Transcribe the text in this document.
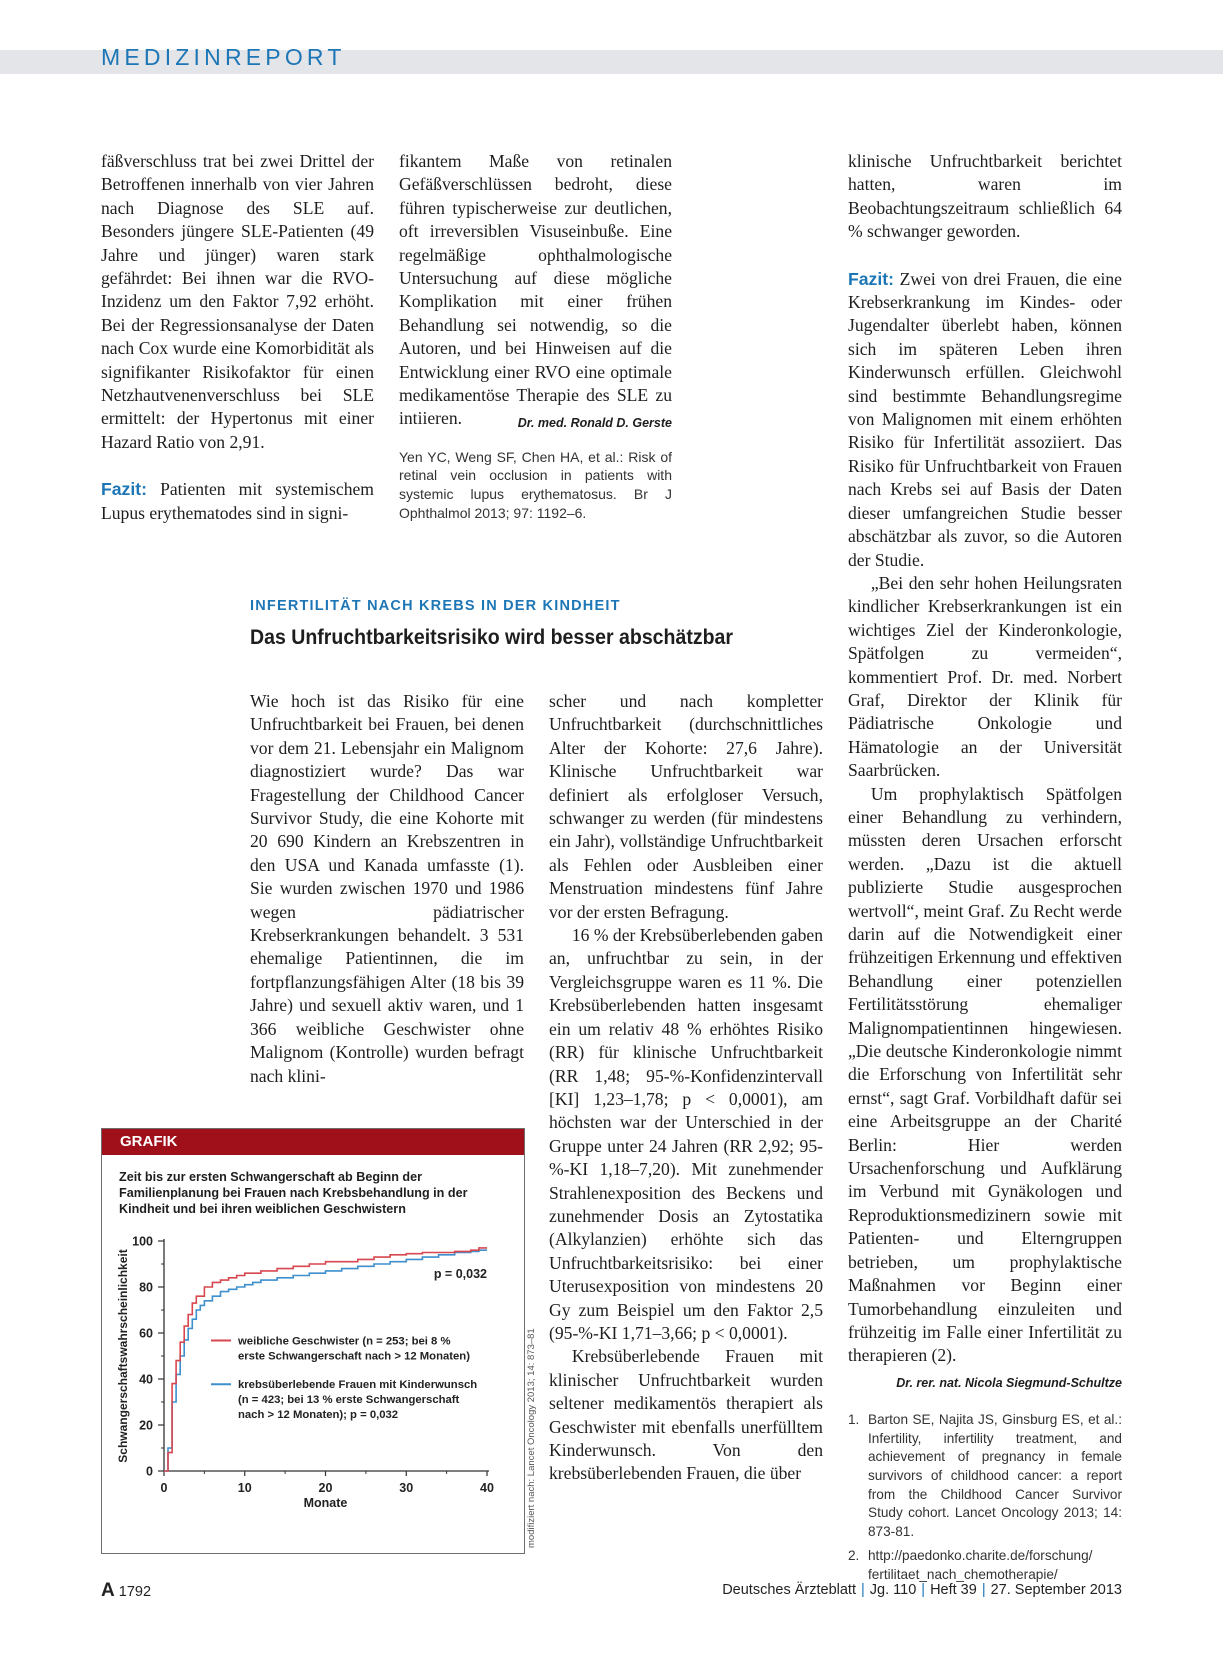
MEDIZINREPORT

fäßverschluss trat bei zwei Drittel der Betroffenen innerhalb von vier Jahren nach Diagnose des SLE auf. Besonders jüngere SLE-Patienten (49 Jahre und jünger) waren stark gefährdet: Bei ihnen war die RVO-Inzidenz um den Faktor 7,92 erhöht. Bei der Regressionsanalyse der Daten nach Cox wurde eine Komorbidität als signifikanter Risikofaktor für einen Netzhautvenenverschluss bei SLE ermittelt: der Hypertonus mit einer Hazard Ratio von 2,91.

Fazit: Patienten mit systemischem Lupus erythematodes sind in signi-

fikantem Maße von retinalen Gefäßverschlüssen bedroht, diese führen typischerweise zur deutlichen, oft irreversiblen Visuseinbuße. Eine regelmäßige ophthalmologische Untersuchung auf diese mögliche Komplikation mit einer frühen Behandlung sei notwendig, so die Autoren, und bei Hinweisen auf die Entwicklung einer RVO eine optimale medikamentöse Therapie des SLE zu intiieren.	Dr. med. Ronald D. Gerste

Yen YC, Weng SF, Chen HA, et al.: Risk of retinal vein occlusion in patients with systemic lupus erythematosus. Br J Ophthalmol 2013; 97: 1192–6.
INFERTILITÄT NACH KREBS IN DER KINDHEIT
Das Unfruchtbarkeitsrisiko wird besser abschätzbar

Wie hoch ist das Risiko für eine Unfruchtbarkeit bei Frauen, bei denen vor dem 21. Lebensjahr ein Malignom diagnostiziert wurde? Das war Fragestellung der Childhood Cancer Survivor Study, die eine Kohorte mit 20 690 Kindern an Krebszentren in den USA und Kanada umfasste (1). Sie wurden zwischen 1970 und 1986 wegen pädiatrischer Krebserkrankungen behandelt. 3 531 ehemalige Patientinnen, die im fortpflanzungsfähigen Alter (18 bis 39 Jahre) und sexuell aktiv waren, und 1 366 weibliche Geschwister ohne Malignom (Kontrolle) wurden befragt nach klini-

scher und nach kompletter Unfruchtbarkeit (durchschnittliches Alter der Kohorte: 27,6 Jahre). Klinische Unfruchtbarkeit war definiert als erfolgloser Versuch, schwanger zu werden (für mindestens ein Jahr), vollständige Unfruchtbarkeit als Fehlen oder Ausbleiben einer Menstruation mindestens fünf Jahre vor der ersten Befragung.

16 % der Krebsüberlebenden gaben an, unfruchtbar zu sein, in der Vergleichsgruppe waren es 11 %. Die Krebsüberlebenden hatten insgesamt ein um relativ 48 % erhöhtes Risiko (RR) für klinische Unfruchtbarkeit (RR 1,48; 95-%-Konfidenzintervall [KI] 1,23–1,78; p < 0,0001), am höchsten war der Unterschied in der Gruppe unter 24 Jahren (RR 2,92; 95-%-KI 1,18–7,20). Mit zunehmender Strahlenexposition des Beckens und zunehmender Dosis an Zytostatika (Alkylanzien) erhöhte sich das Unfruchtbarkeitsrisiko: bei einer Uterusexposition von mindestens 20 Gy zum Beispiel um den Faktor 2,5 (95-%-KI 1,71–3,66; p < 0,0001).

Krebsüberlebende Frauen mit klinischer Unfruchtbarkeit wurden seltener medikamentös therapiert als Geschwister mit ebenfalls unerfülltem Kinderwunsch. Von den krebsüberlebenden Frauen, die über

klinische Unfruchtbarkeit berichtet hatten, waren im Beobachtungszeitraum schließlich 64 % schwanger geworden.

Fazit: Zwei von drei Frauen, die eine Krebserkrankung im Kindes- oder Jugendalter überlebt haben, können sich im späteren Leben ihren Kinderwunsch erfüllen. Gleichwohl sind bestimmte Behandlungsregime von Malignomen mit einem erhöhten Risiko für Infertilität assoziiert. Das Risiko für Unfruchtbarkeit von Frauen nach Krebs sei auf Basis der Daten dieser umfangreichen Studie besser abschätzbar als zuvor, so die Autoren der Studie.

„Bei den sehr hohen Heilungsraten kindlicher Krebserkrankungen ist ein wichtiges Ziel der Kinderonkologie, Spätfolgen zu vermeiden“, kommentiert Prof. Dr. med. Norbert Graf, Direktor der Klinik für Pädiatrische Onkologie und Hämatologie an der Universität Saarbrücken.

Um prophylaktisch Spätfolgen einer Behandlung zu verhindern, müssten deren Ursachen erforscht werden. „Dazu ist die aktuell publizierte Studie ausgesprochen wertvoll“, meint Graf. Zu Recht werde darin auf die Notwendigkeit einer frühzeitigen Erkennung und effektiven Behandlung einer potenziellen Fertilitätsstörung ehemaliger Malignompatientinnen hingewiesen. „Die deutsche Kinderonkologie nimmt die Erforschung von Infertilität sehr ernst“, sagt Graf. Vorbildhaft dafür sei eine Arbeitsgruppe an der Charité Berlin: Hier werden Ursachenforschung und Aufklärung im Verbund mit Gynäkologen und Reproduktionsmedizinern sowie mit Patienten- und Elterngruppen betrieben, um prophylaktische Maßnahmen vor Beginn einer Tumorbehandlung einzuleiten und frühzeitig im Falle einer Infertilität zu therapieren (2).

Dr. rer. nat. Nicola Siegmund-Schultze
1. Barton SE, Najita JS, Ginsburg ES, et al.: Infertility, infertility treatment, and achievement of pregnancy in female survivors of childhood cancer: a report from the Childhood Cancer Survivor Study cohort. Lancet Oncology 2013; 14: 873-81.
2. http://paedonko.charite.de/forschung/ fertilitaet_nach_chemotherapie/
GRAFIK
Zeit bis zur ersten Schwangerschaft ab Beginn der Familienplanung bei Frauen nach Krebsbehandlung in der Kindheit und bei ihren weiblichen Geschwistern
0
20
40
60
80
100
0	10	20	30	40
Monate
Schwangerschaftswahrscheinlichkeit	p = 0,032
weibliche Geschwister (n = 253; bei 8 % erste Schwangerschaft nach > 12 Monaten)
krebsüberlebende Frauen mit Kinderwunsch (n = 423; bei 13 % erste Schwangerschaft nach > 12 Monaten); p = 0,032	modifiziert nach: Lancet Oncology 2013; 14: 873–81
A 1792	Deutsches Ärzteblatt | Jg. 110 | Heft 39 | 27. September 2013
